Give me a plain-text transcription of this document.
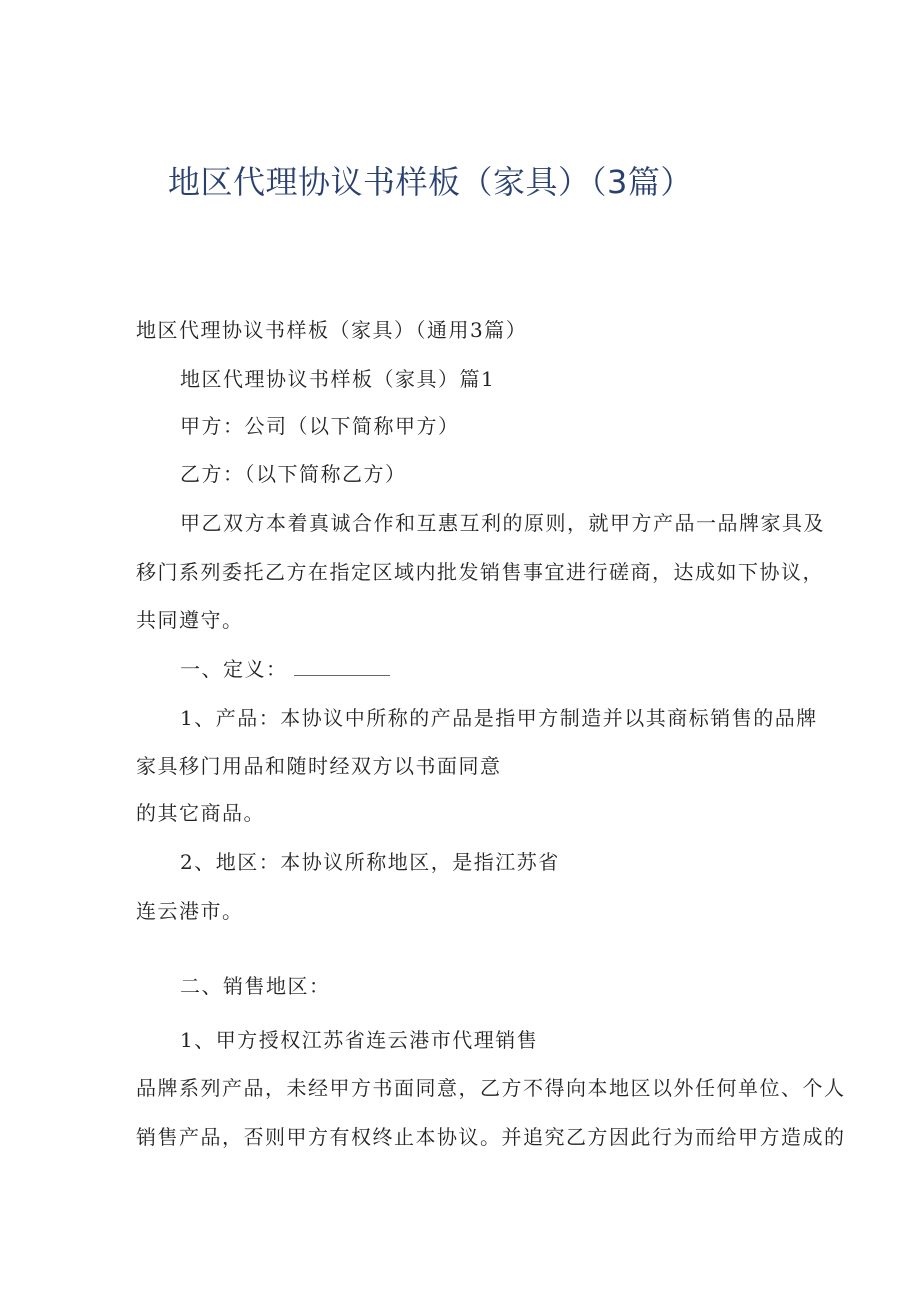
地区代理协议书样板（家具）（3篇）
地区代理协议书样板（家具）（通用3篇）
地区代理协议书样板（家具）篇1
甲方：公司（以下简称甲方）
乙方：（以下简称乙方）
甲乙双方本着真诚合作和互惠互利的原则，就甲方产品一品牌家具及
移门系列委托乙方在指定区域内批发销售事宜进行磋商，达成如下协议，
共同遵守。
一、定义：
1、产品：本协议中所称的产品是指甲方制造并以其商标销售的品牌
家具移门用品和随时经双方以书面同意
的其它商品。
2、地区：本协议所称地区，是指江苏省
连云港市。
二、销售地区：
1、甲方授权江苏省连云港市代理销售
品牌系列产品，未经甲方书面同意，乙方不得向本地区以外任何单位、个人
销售产品，否则甲方有权终止本协议。并追究乙方因此行为而给甲方造成的
